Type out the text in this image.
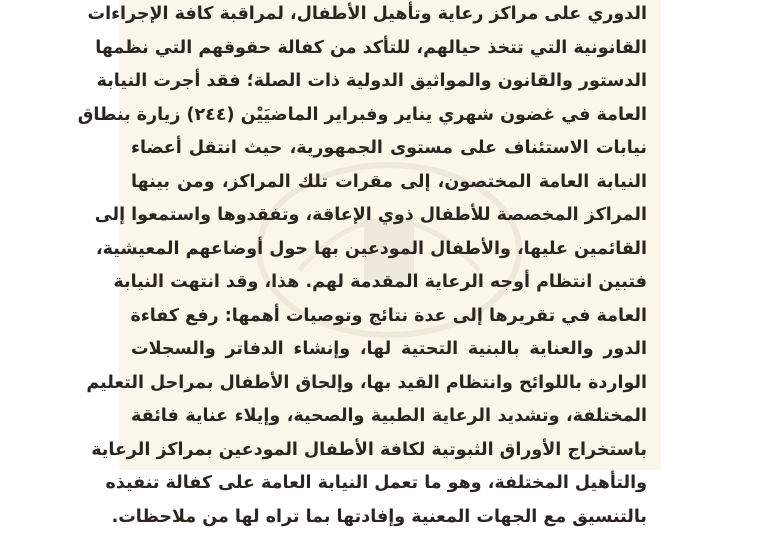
الدوري على مراكز رعاية وتأهيل الأطفال، لمراقبة كافة الإجراءات
القانونية التي تتخذ حيالهم، للتأكد من كفالة حقوقهم التي نظمها
الدستور والقانون والمواثيق الدولية ذات الصلة؛ فقد أجرت النيابة
العامة في غضون شهري يناير وفبراير الماضيَيْن (٢٤٤) زيارة بنطاق
نيابات الاستئناف على مستوى الجمهورية، حيث انتقل أعضاء
النيابة العامة المختصون، إلى مقرات تلك المراكز، ومن بينها
المراكز المخصصة للأطفال ذوي الإعاقة، وتفقدوها واستمعوا إلى
القائمين عليها، والأطفال المودعين بها حول أوضاعهم المعيشية،
فتبين انتظام أوجه الرعاية المقدمة لهم. هذا، وقد انتهت النيابة
العامة في تقريرها إلى عدة نتائج وتوصيات أهمها: رفع كفاءة
الدور والعناية بالبنية التحتية لها، وإنشاء الدفاتر والسجلات
الواردة باللوائح وانتظام القيد بها، وإلحاق الأطفال بمراحل التعليم
المختلفة، وتشديد الرعاية الطبية والصحية، وإيلاء عناية فائقة
باستخراج الأوراق الثبوتية لكافة الأطفال المودعين بمراكز الرعاية
والتأهيل المختلفة، وهو ما تعمل النيابة العامة على كفالة تنفيذه
بالتنسيق مع الجهات المعنية وإفادتها بما تراه لها من ملاحظات.
